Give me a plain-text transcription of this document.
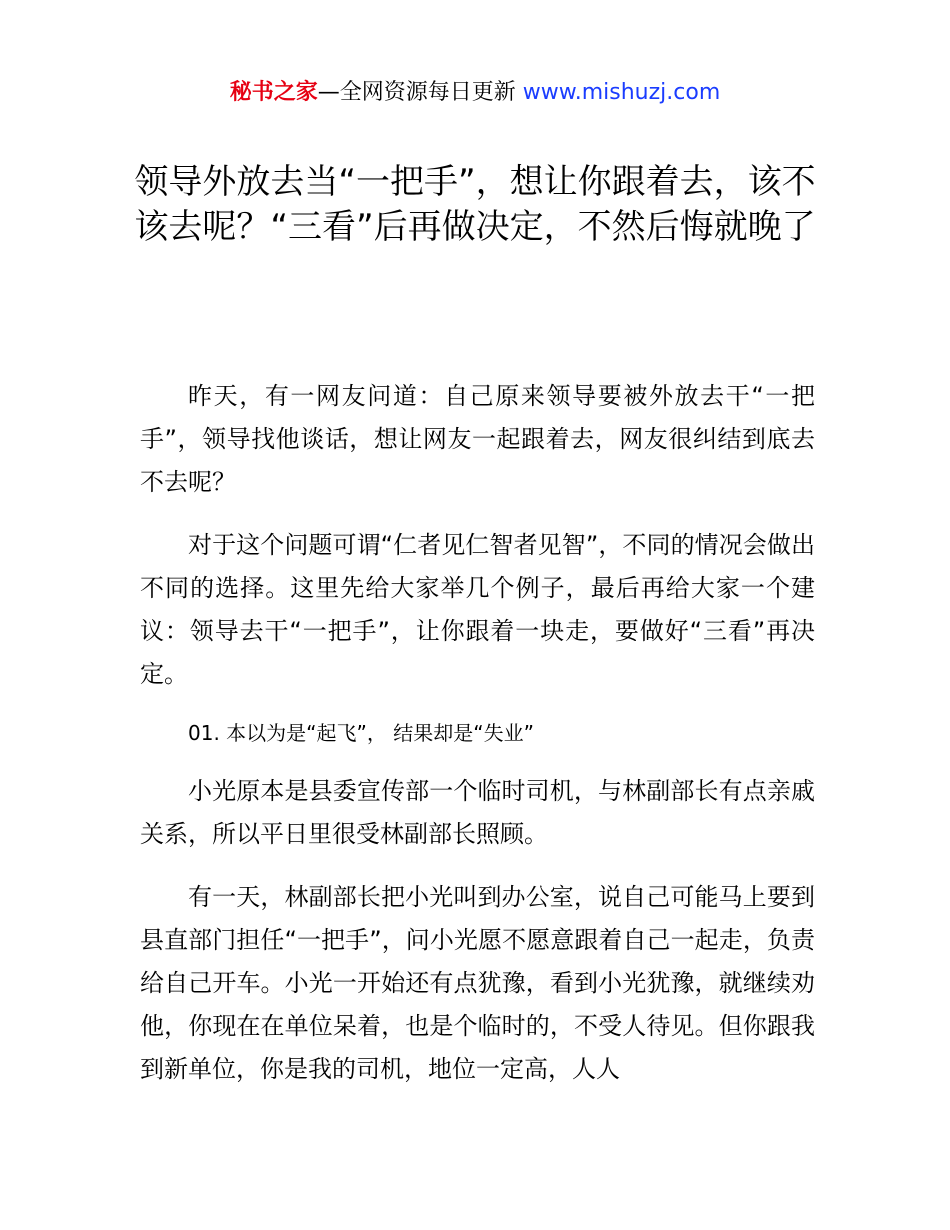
秘书之家—全网资源每日更新 www.mishuzj.com
领导外放去当“一把手”，想让你跟着去，该不该去呢？“三看”后再做决定，不然后悔就晚了

昨天，有一网友问道：自己原来领导要被外放去干“一把手”，领导找他谈话，想让网友一起跟着去，网友很纠结到底去不去呢？

对于这个问题可谓“仁者见仁智者见智”，不同的情况会做出不同的选择。这里先给大家举几个例子，最后再给大家一个建议：领导去干“一把手”，让你跟着一块走，要做好“三看”再决定。

01. 本以为是“起飞”， 结果却是“失业”

小光原本是县委宣传部一个临时司机，与林副部长有点亲戚关系，所以平日里很受林副部长照顾。

有一天，林副部长把小光叫到办公室，说自己可能马上要到县直部门担任“一把手”，问小光愿不愿意跟着自己一起走，负责给自己开车。小光一开始还有点犹豫，看到小光犹豫，就继续劝他，你现在在单位呆着，也是个临时的，不受人待见。但你跟我到新单位，你是我的司机，地位一定高，人人
